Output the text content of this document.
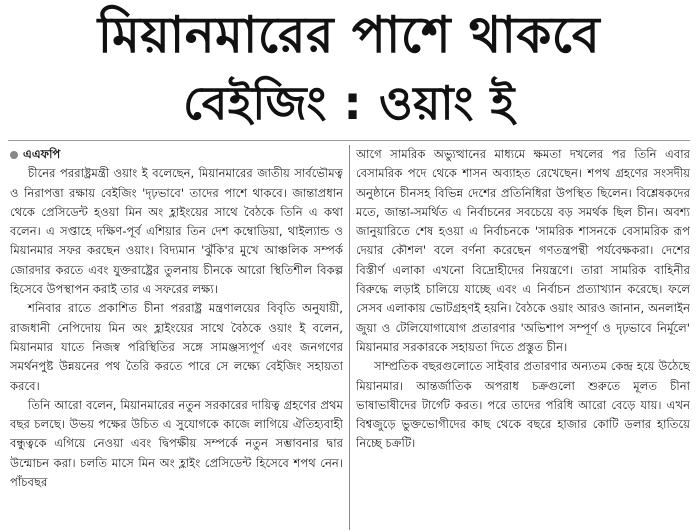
মিয়ানমারের পাশে থাকবে
বেইজিং : ওয়াং ই
এএফপি

চীনের পররাষ্ট্রমন্ত্রী ওয়াং ই বলেছেন, মিয়ানমারের জাতীয় সার্বভৌমত্ব ও নিরাপত্তা রক্ষায় বেইজিং 'দৃঢ়ভাবে' তাদের পাশে থাকবে। জান্তাপ্রধান থেকে প্রেসিডেন্ট হওয়া মিন অং হ্লাইংয়ের সাথে বৈঠকে তিনি এ কথা বলেন। এ সপ্তাহে দক্ষিণ-পূর্ব এশিয়ার তিন দেশ কম্বোডিয়া, থাইল্যান্ড ও মিয়ানমার সফর করছেন ওয়াং। বিদ্যমান 'ঝুঁকি'র মুখে আঞ্চলিক সম্পর্ক জোরদার করতে এবং যুক্তরাষ্ট্রের তুলনায় চীনকে আরো স্থিতিশীল বিকল্প হিসেবে উপস্থাপন করাই তার এ সফরের লক্ষ্য।

শনিবার রাতে প্রকাশিত চীনা পররাষ্ট্র মন্ত্রণালয়ের বিবৃতি অনুযায়ী, রাজধানী নেপিদোয় মিন অং হ্লাইংয়ের সাথে বৈঠকে ওয়াং ই বলেন, মিয়ানমার যাতে নিজস্ব পরিস্থিতির সঙ্গে সামঞ্জস্যপূর্ণ এবং জনগণের সমর্থনপুষ্ট উন্নয়নের পথ তৈরি করতে পারে সে লক্ষ্যে বেইজিং সহায়তা করবে।

তিনি আরো বলেন, মিয়ানমারের নতুন সরকারের দায়িত্ব গ্রহণের প্রথম বছর চলছে। উভয় পক্ষের উচিত এ সুযোগকে কাজে লাগিয়ে ঐতিহ্যবাহী বন্ধুত্বকে এগিয়ে নেওয়া এবং দ্বিপক্ষীয় সম্পর্কে নতুন সম্ভাবনার দ্বার উন্মোচন করা। চলতি মাসে মিন অং হ্লাইং প্রেসিডেন্ট হিসেবে শপথ নেন। পাঁচবছর

আগে সামরিক অভ্যুত্থানের মাধ্যমে ক্ষমতা দখলের পর তিনি এবার বেসামরিক পদে থেকে শাসন অব্যাহত রেখেছেন। শপথ গ্রহণের সংসদীয় অনুষ্ঠানে চীনসহ বিভিন্ন দেশের প্রতিনিধিরা উপস্থিত ছিলেন। বিশ্লেষকদের মতে, জান্তা-সমর্থিত এ নির্বাচনের সবচেয়ে বড় সমর্থক ছিল চীন। অবশ্য জানুয়ারিতে শেষ হওয়া এ নির্বাচনকে 'সামরিক শাসনকে বেসামরিক রূপ দেয়ার কৌশল' বলে বর্ণনা করেছেন গণতন্ত্রপন্থী পর্যবেক্ষকরা। দেশের বিস্তীর্ণ এলাকা এখনো বিদ্রোহীদের নিয়ন্ত্রণে। তারা সামরিক বাহিনীর বিরুদ্ধে লড়াই চালিয়ে যাচ্ছে এবং এ নির্বাচন প্রত্যাখ্যান করেছে। ফলে সেসব এলাকায় ভোটগ্রহণই হয়নি। বৈঠকে ওয়াং আরও জানান, অনলাইন জুয়া ও টেলিযোগাযোগ প্রতারণার 'অভিশাপ সম্পূর্ণ ও দৃঢ়ভাবে নির্মূলে' মিয়ানমার সরকারকে সহায়তা দিতে প্রস্তুত চীন।

সাম্প্রতিক বছরগুলোতে সাইবার প্রতারণার অন্যতম কেন্দ্র হয়ে উঠেছে মিয়ানমার। আন্তর্জাতিক অপরাধ চক্রগুলো শুরুতে মূলত চীনা ভাষাভাষীদের টার্গেট করত। পরে তাদের পরিধি আরো বেড়ে যায়। এখন বিশ্বজুড়ে ভুক্তভোগীদের কাছ থেকে বছরে হাজার কোটি ডলার হাতিয়ে নিচ্ছে চক্রটি।
